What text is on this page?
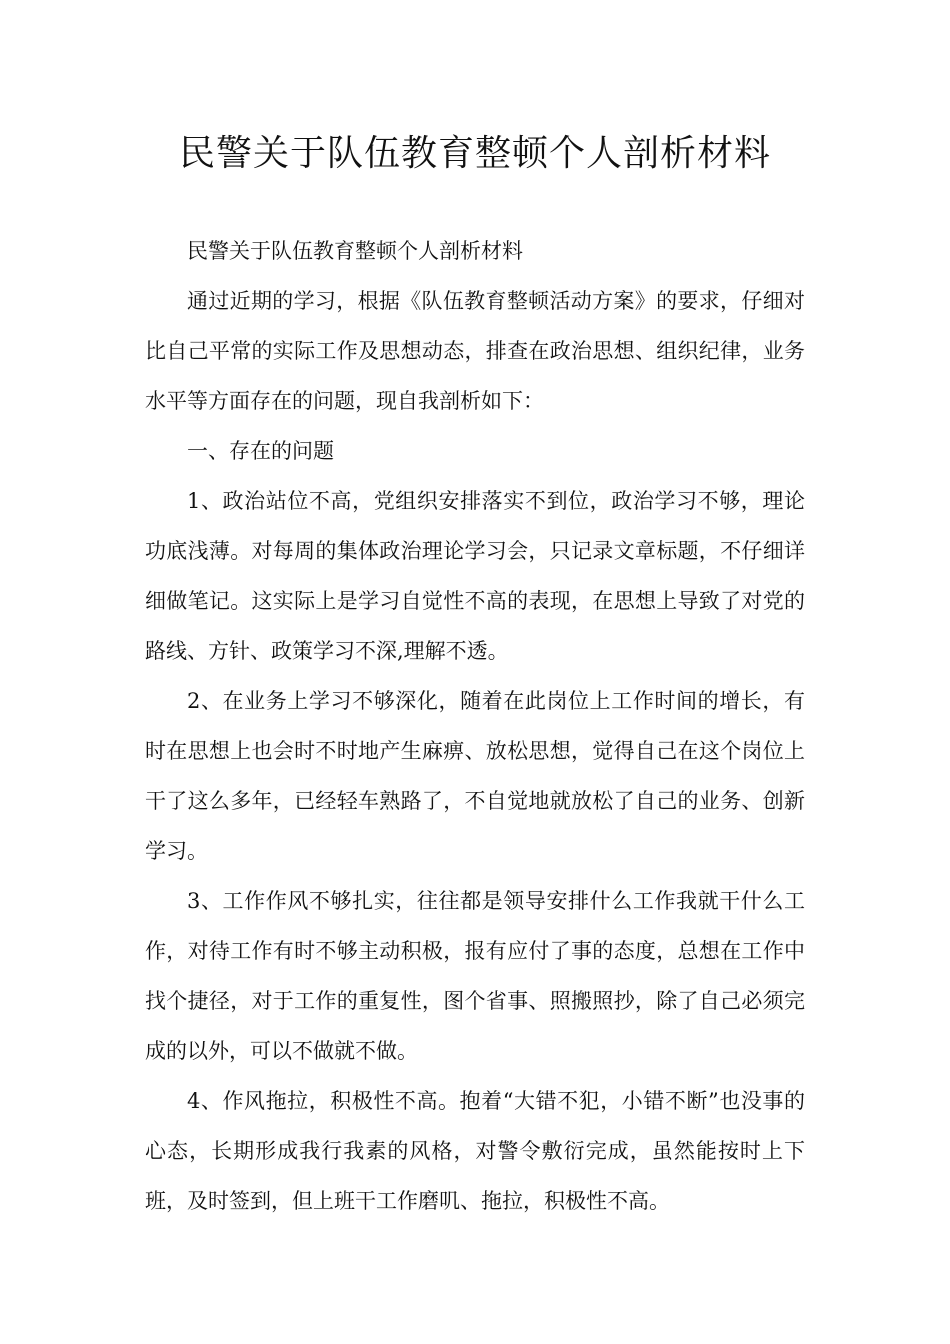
民警关于队伍教育整顿个人剖析材料

民警关于队伍教育整顿个人剖析材料

通过近期的学习，根据《队伍教育整顿活动方案》的要求，仔细对比自己平常的实际工作及思想动态，排查在政治思想、组织纪律，业务水平等方面存在的问题，现自我剖析如下：

一、存在的问题

1、政治站位不高，党组织安排落实不到位，政治学习不够，理论功底浅薄。对每周的集体政治理论学习会，只记录文章标题，不仔细详细做笔记。这实际上是学习自觉性不高的表现，在思想上导致了对党的路线、方针、政策学习不深,理解不透。

2、在业务上学习不够深化，随着在此岗位上工作时间的增长，有时在思想上也会时不时地产生麻痹、放松思想，觉得自己在这个岗位上干了这么多年，已经轻车熟路了，不自觉地就放松了自己的业务、创新学习。

3、工作作风不够扎实，往往都是领导安排什么工作我就干什么工作，对待工作有时不够主动积极，报有应付了事的态度，总想在工作中找个捷径，对于工作的重复性，图个省事、照搬照抄，除了自己必须完成的以外，可以不做就不做。

4、作风拖拉，积极性不高。抱着“大错不犯，小错不断”也没事的心态，长期形成我行我素的风格，对警令敷衍完成，虽然能按时上下班，及时签到，但上班干工作磨叽、拖拉，积极性不高。
